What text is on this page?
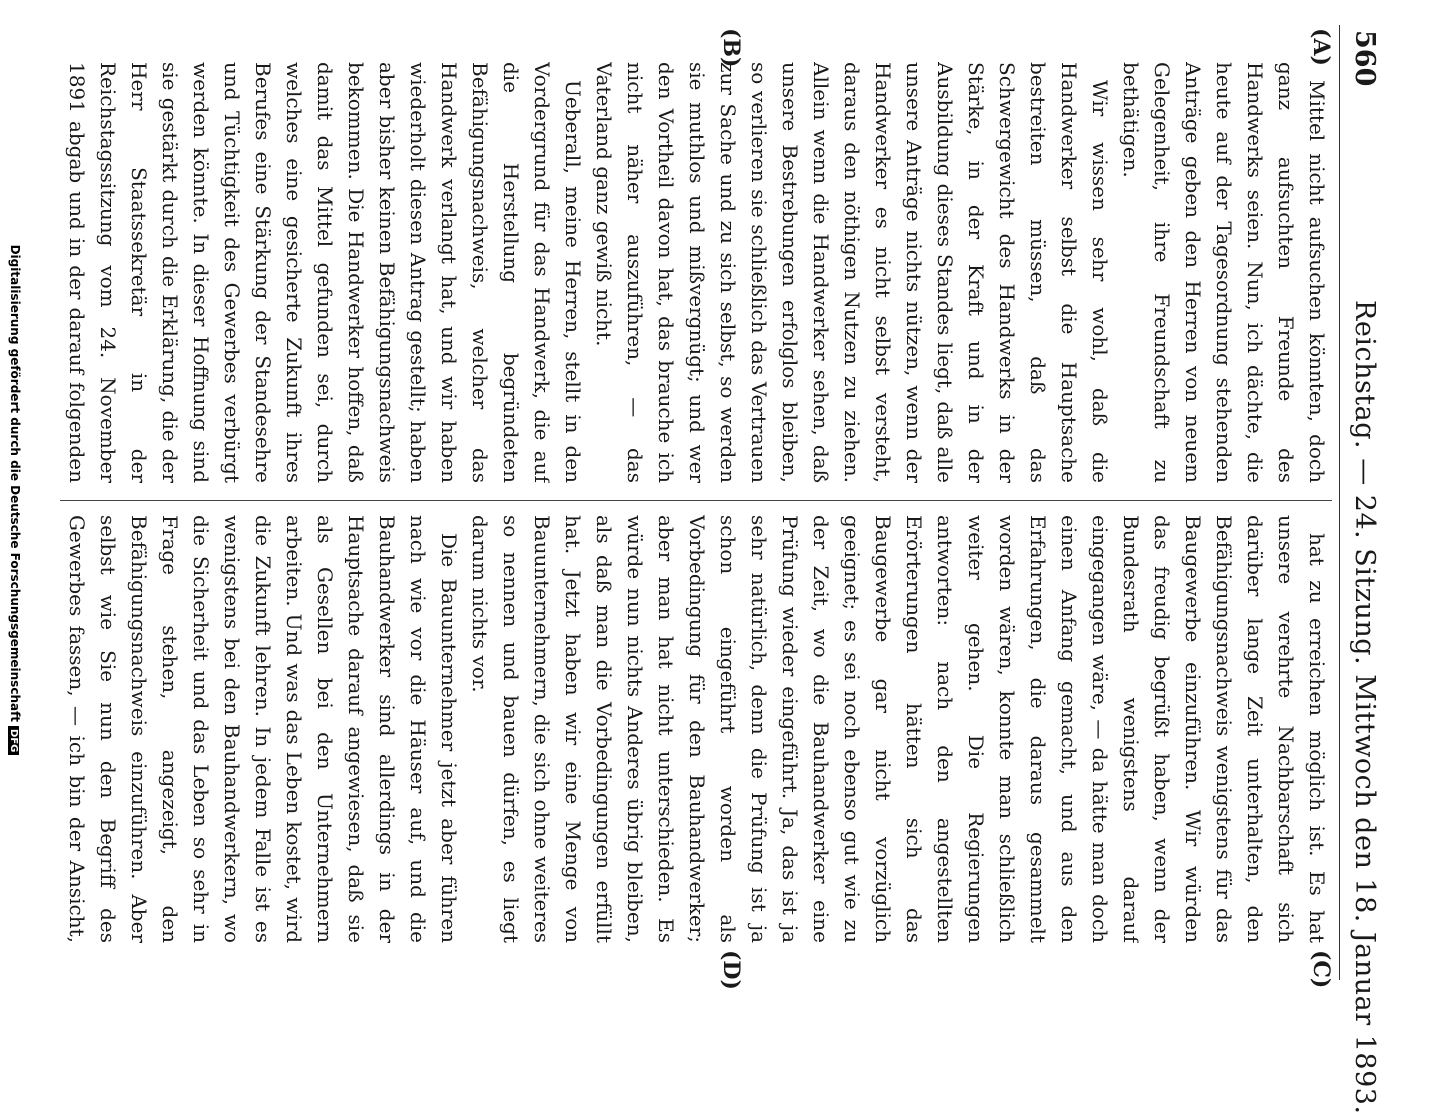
560
Reichstag. — 24. Sitzung. Mittwoch den 18. Januar 1893.
(A)
(B)
(C)
(D)

Mittel nicht aufsuchen könnten, doch ganz aufsuchten Freunde des Handwerks seien. Nun, ich dächte, die heute auf der Tagesordnung stehenden Anträge geben den Herren von neuem Gelegenheit, ihre Freundschaft zu bethätigen.

Wir wissen sehr wohl, daß die Handwerker selbst die Hauptsache bestreiten müssen, daß das Schwergewicht des Handwerks in der Stärke, in der Kraft und in der Ausbildung dieses Standes liegt, daß alle unsere Anträge nichts nützen, wenn der Handwerker es nicht selbst versteht, daraus den nöthigen Nutzen zu ziehen. Allein wenn die Handwerker sehen, daß unsere Bestrebungen erfolglos bleiben, so verlieren sie schließlich das Vertrauen zur Sache und zu sich selbst, so werden sie muthlos und mißvergnügt; und wer den Vortheil davon hat, das brauche ich nicht näher auszuführen, — das Vaterland ganz gewiß nicht.

Ueberall, meine Herren, stellt in den Vordergrund für das Handwerk, die auf die Herstellung begründeten Befähigungsnachweis, welcher das Handwerk verlangt hat, und wir haben wiederholt diesen Antrag gestellt; haben aber bisher keinen Befähigungsnachweis bekommen. Die Handwerker hoffen, daß damit das Mittel gefunden sei, durch welches eine gesicherte Zukunft ihres Berufes eine Stärkung der Standesehre und Tüchtigkeit des Gewerbes verbürgt werden könnte. In dieser Hoffnung sind sie gestärkt durch die Erklärung, die der Herr Staatssekretär in der Reichstagssitzung vom 24. November 1891 abgab und in der darauf folgenden

hat zu erreichen möglich ist. Es hat unsere verehrte Nachbarschaft sich darüber lange Zeit unterhalten, den Befähigungsnachweis wenigstens für das Baugewerbe einzuführen. Wir würden das freudig begrüßt haben, wenn der Bundesrath wenigstens darauf eingegangen wäre, — da hätte man doch einen Anfang gemacht, und aus den Erfahrungen, die daraus gesammelt worden wären, konnte man schließlich weiter gehen. Die Regierungen antworten: nach den angestellten Erörterungen hätten sich das Baugewerbe gar nicht vorzüglich geeignet; es sei noch ebenso gut wie zu der Zeit, wo die Bauhandwerker eine Prüfung wieder eingeführt. Ja, das ist ja sehr natürlich, denn die Prüfung ist ja schon eingeführt worden als Vorbedingung für den Bauhandwerker; aber man hat nicht unterschieden. Es würde nun nichts Anderes übrig bleiben, als daß man die Vorbedingungen erfüllt hat. Jetzt haben wir eine Menge von Bauunternehmern, die sich ohne weiteres so nennen und bauen dürfen, es liegt darum nichts vor.

Die Bauunternehmer jetzt aber führen nach wie vor die Häuser auf, und die Bauhandwerker sind allerdings in der Hauptsache darauf angewiesen, daß sie als Gesellen bei den Unternehmern arbeiten. Und was das Leben kostet, wird die Zukunft lehren. In jedem Falle ist es wenigstens bei den Bauhandwerkern, wo die Sicherheit und das Leben so sehr in Frage stehen, angezeigt, den Befähigungsnachweis einzuführen. Aber selbst wie Sie nun den Begriff des Gewerbes fassen, — ich bin der Ansicht,

Digitalisierung gefördert durch die Deutsche ForschungsgemeinschaftDFG
